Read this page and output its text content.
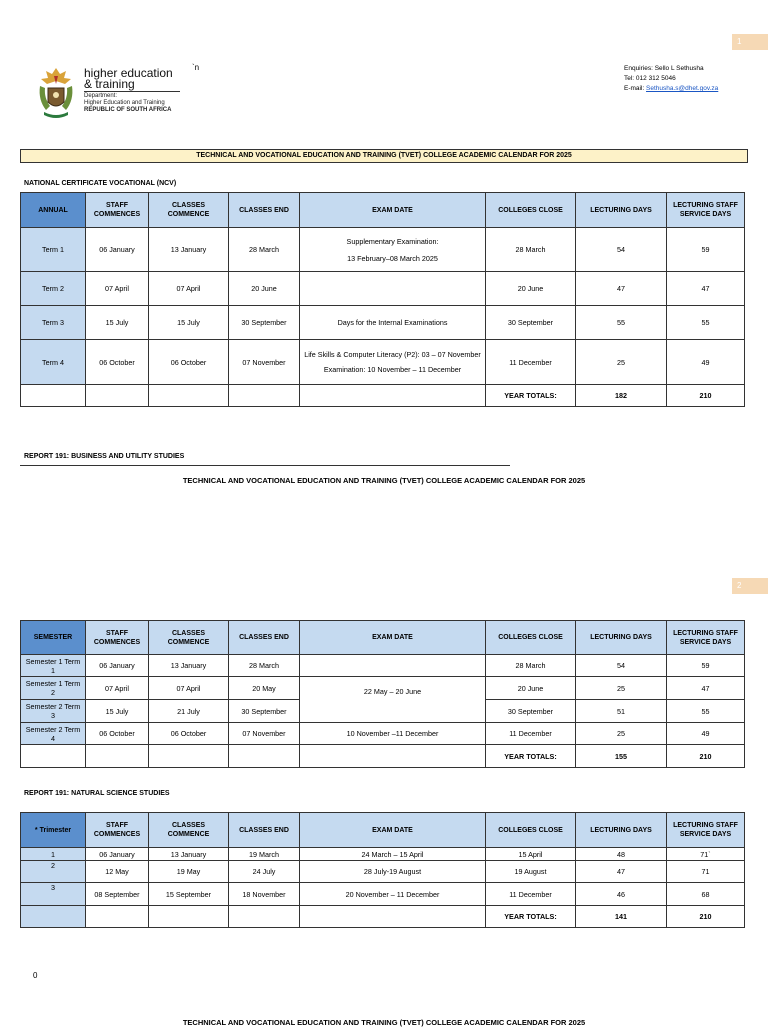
1
2
higher education
& training
Department:
Higher Education and Training
REPUBLIC OF SOUTH AFRICA
`n	Enquiries: Sello L Sethusha
Tel: 012 312 5046
E-mail: Sethusha.s@dhet.gov.za
TECHNICAL AND VOCATIONAL EDUCATION AND TRAINING (TVET) COLLEGE ACADEMIC CALENDAR FOR 2025
NATIONAL CERTIFICATE VOCATIONAL (NCV)
ANNUAL	STAFF COMMENCES	CLASSES COMMENCE	CLASSES END	EXAM DATE	COLLEGES CLOSE	LECTURING DAYS	LECTURING STAFF SERVICE DAYS
Term 1	06 January	13 January	28 March	Supplementary Examination:
13 February–08 March 2025	28 March	54	59
Term 2	07 April	07 April	20 June		20 June	47	47
Term 3	15 July	15 July	30 September	Days for the Internal Examinations	30 September	55	55
Term 4	06 October	06 October	07 November	Life Skills & Computer Literacy (P2): 03 – 07 November
Examination: 10 November – 11 December	11 December	25	49
					YEAR TOTALS:	182	210
REPORT 191: BUSINESS AND UTILITY STUDIES
TECHNICAL AND VOCATIONAL EDUCATION AND TRAINING (TVET) COLLEGE ACADEMIC CALENDAR FOR 2025
SEMESTER	STAFF COMMENCES	CLASSES COMMENCE	CLASSES END	EXAM DATE	COLLEGES CLOSE	LECTURING DAYS	LECTURING STAFF SERVICE DAYS
Semester 1 Term 1	06 January	13 January	28 March		28 March	54	59
Semester 1 Term 2	07 April	07 April	20 May	22 May – 20 June	20 June	25	47
Semester 2 Term 3	15 July	21 July	30 September		30 September	51	55
Semester 2 Term 4	06 October	06 October	07 November	10 November –11 December	11 December	25	49
					YEAR TOTALS:	155	210
REPORT 191: NATURAL SCIENCE STUDIES
* Trimester	STAFF COMMENCES	CLASSES COMMENCE	CLASSES END	EXAM DATE	COLLEGES CLOSE	LECTURING DAYS	LECTURING STAFF SERVICE DAYS
1	06 January	13 January	19 March	24 March – 15 April	15 April	48	71`
2	12 May	19 May	24 July	28 July-19 August	19 August	47	71
3	08 September	15 September	18 November	20 November – 11 December	11 December	46	68
					YEAR TOTALS:	141	210
0
TECHNICAL AND VOCATIONAL EDUCATION AND TRAINING (TVET) COLLEGE ACADEMIC CALENDAR FOR 2025
